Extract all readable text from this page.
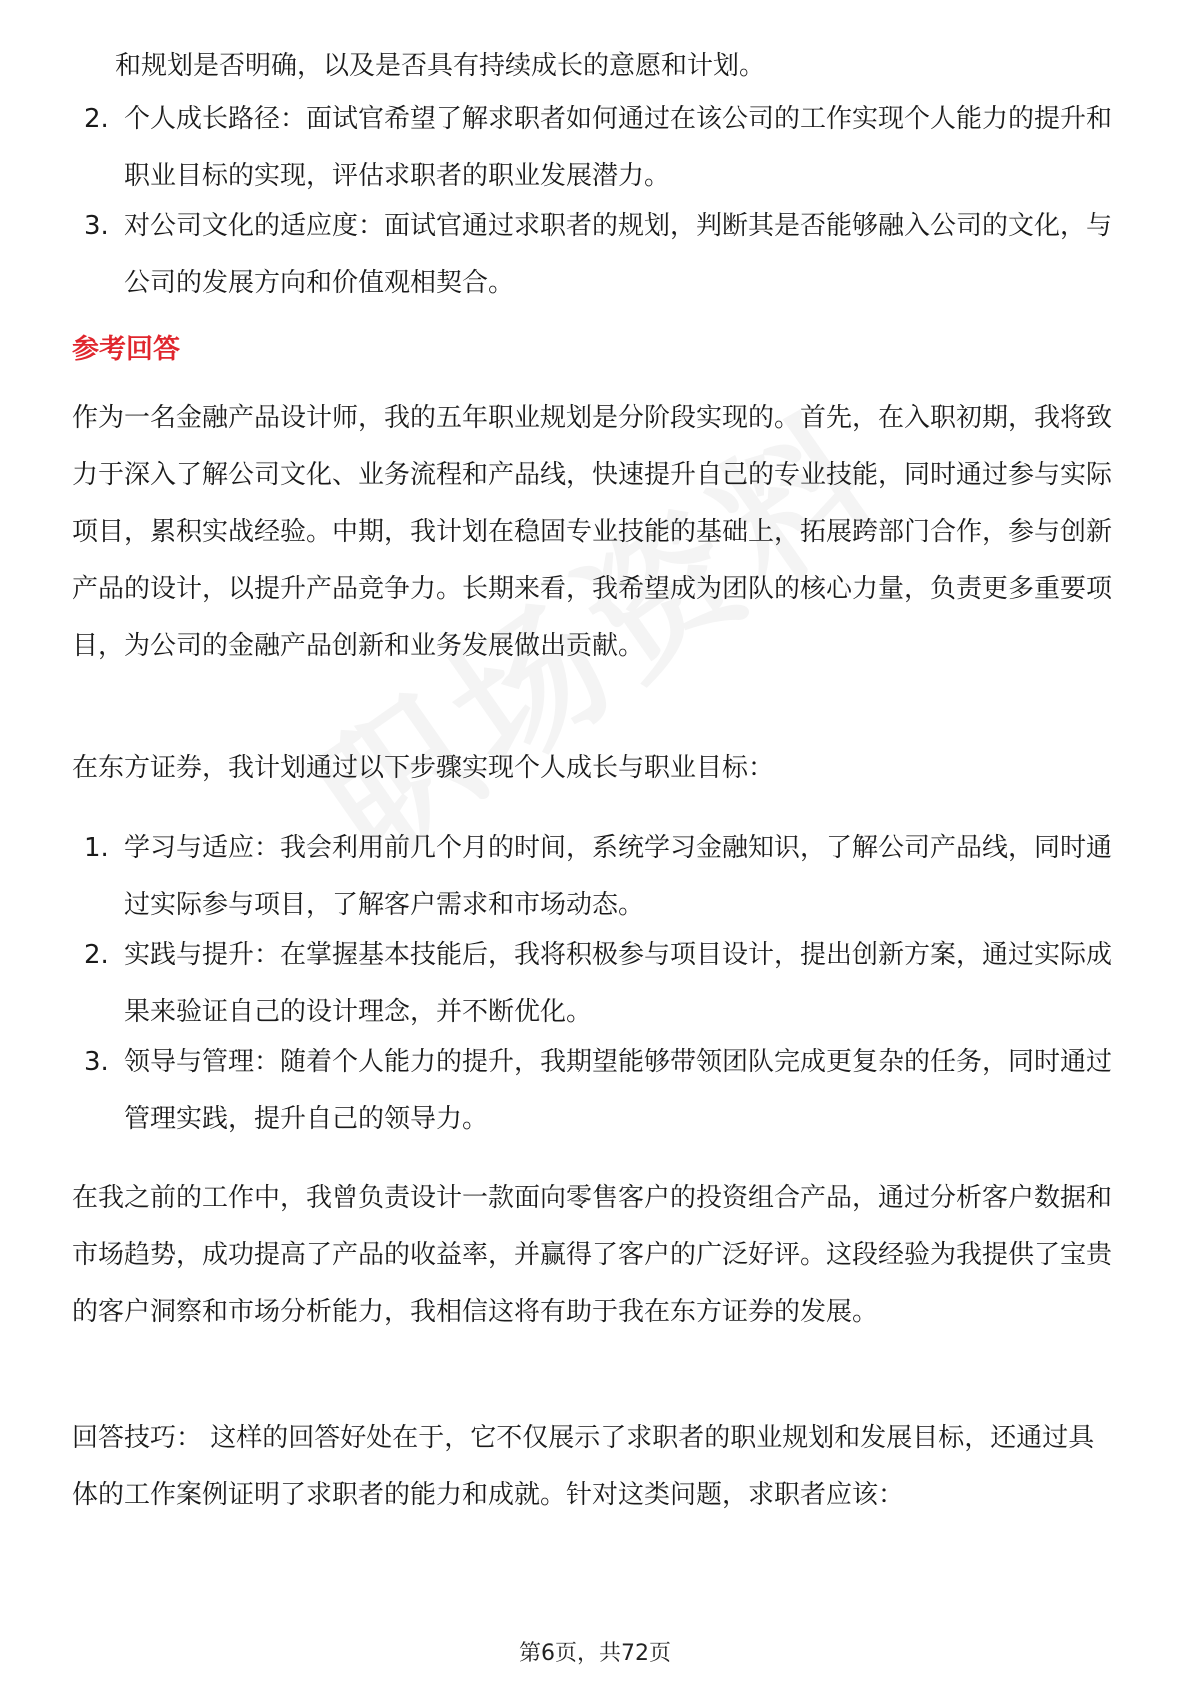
和规划是否明确，以及是否具有持续成长的意愿和计划。
2. 个人成长路径：面试官希望了解求职者如何通过在该公司的工作实现个人能力的提升和职业目标的实现，评估求职者的职业发展潜力。
3. 对公司文化的适应度：面试官通过求职者的规划，判断其是否能够融入公司的文化，与公司的发展方向和价值观相契合。
参考回答
作为一名金融产品设计师，我的五年职业规划是分阶段实现的。首先，在入职初期，我将致力于深入了解公司文化、业务流程和产品线，快速提升自己的专业技能，同时通过参与实际项目，累积实战经验。中期，我计划在稳固专业技能的基础上，拓展跨部门合作，参与创新产品的设计，以提升产品竞争力。长期来看，我希望成为团队的核心力量，负责更多重要项目，为公司的金融产品创新和业务发展做出贡献。
在东方证券，我计划通过以下步骤实现个人成长与职业目标：
1. 学习与适应：我会利用前几个月的时间，系统学习金融知识，了解公司产品线，同时通过实际参与项目，了解客户需求和市场动态。
2. 实践与提升：在掌握基本技能后，我将积极参与项目设计，提出创新方案，通过实际成果来验证自己的设计理念，并不断优化。
3. 领导与管理：随着个人能力的提升，我期望能够带领团队完成更复杂的任务，同时通过管理实践，提升自己的领导力。
在我之前的工作中，我曾负责设计一款面向零售客户的投资组合产品，通过分析客户数据和市场趋势，成功提高了产品的收益率，并赢得了客户的广泛好评。这段经验为我提供了宝贵的客户洞察和市场分析能力，我相信这将有助于我在东方证券的发展。
回答技巧： 这样的回答好处在于，它不仅展示了求职者的职业规划和发展目标，还通过具体的工作案例证明了求职者的能力和成就。针对这类问题，求职者应该：
第6页，共72页
